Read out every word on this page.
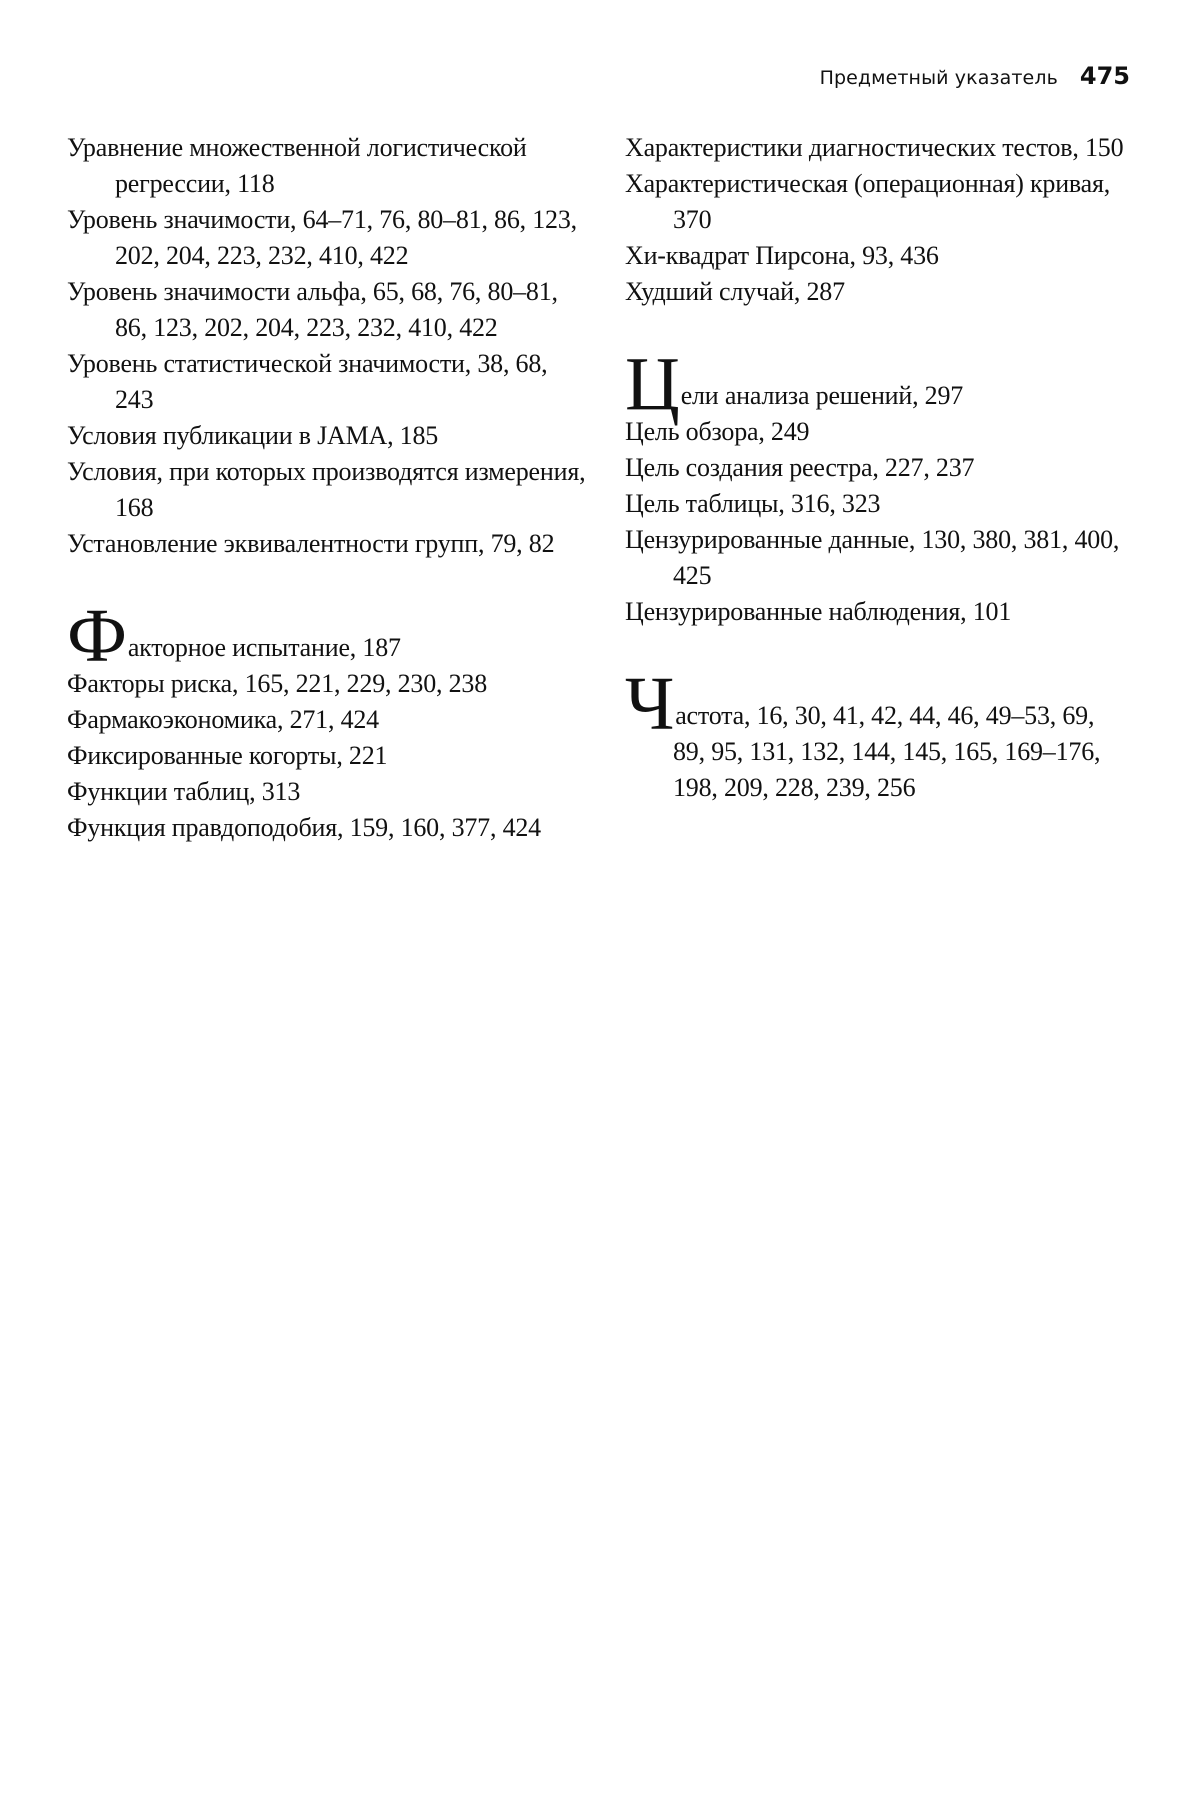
Предметный указатель 475

Уравнение множественной логистической регрессии, 118

Уровень значимости, 64–71, 76, 80–81, 86, 123, 202, 204, 223, 232, 410, 422

Уровень значимости альфа, 65, 68, 76, 80–81, 86, 123, 202, 204, 223, 232, 410, 422

Уровень статистической значимости, 38, 68, 243

Условия публикации в JAMA, 185

Условия, при которых производятся измерения, 168

Установление эквивалентности групп, 79, 82

Ф акторное испытание, 187

Факторы риска, 165, 221, 229, 230, 238

Фармакоэкономика, 271, 424

Фиксированные когорты, 221

Функции таблиц, 313

Функция правдоподобия, 159, 160, 377, 424

Характеристики диагностических тестов, 150

Характеристическая (операционная) кривая, 370

Хи-квадрат Пирсона, 93, 436

Худший случай, 287

Ц ели анализа решений, 297

Цель обзора, 249

Цель создания реестра, 227, 237

Цель таблицы, 316, 323

Цензурированные данные, 130, 380, 381, 400, 425

Цензурированные наблюдения, 101

Ч астота, 16, 30, 41, 42, 44, 46, 49–53, 69,
89, 95, 131, 132, 144, 145, 165, 169–176, 198, 209, 228, 239, 256
